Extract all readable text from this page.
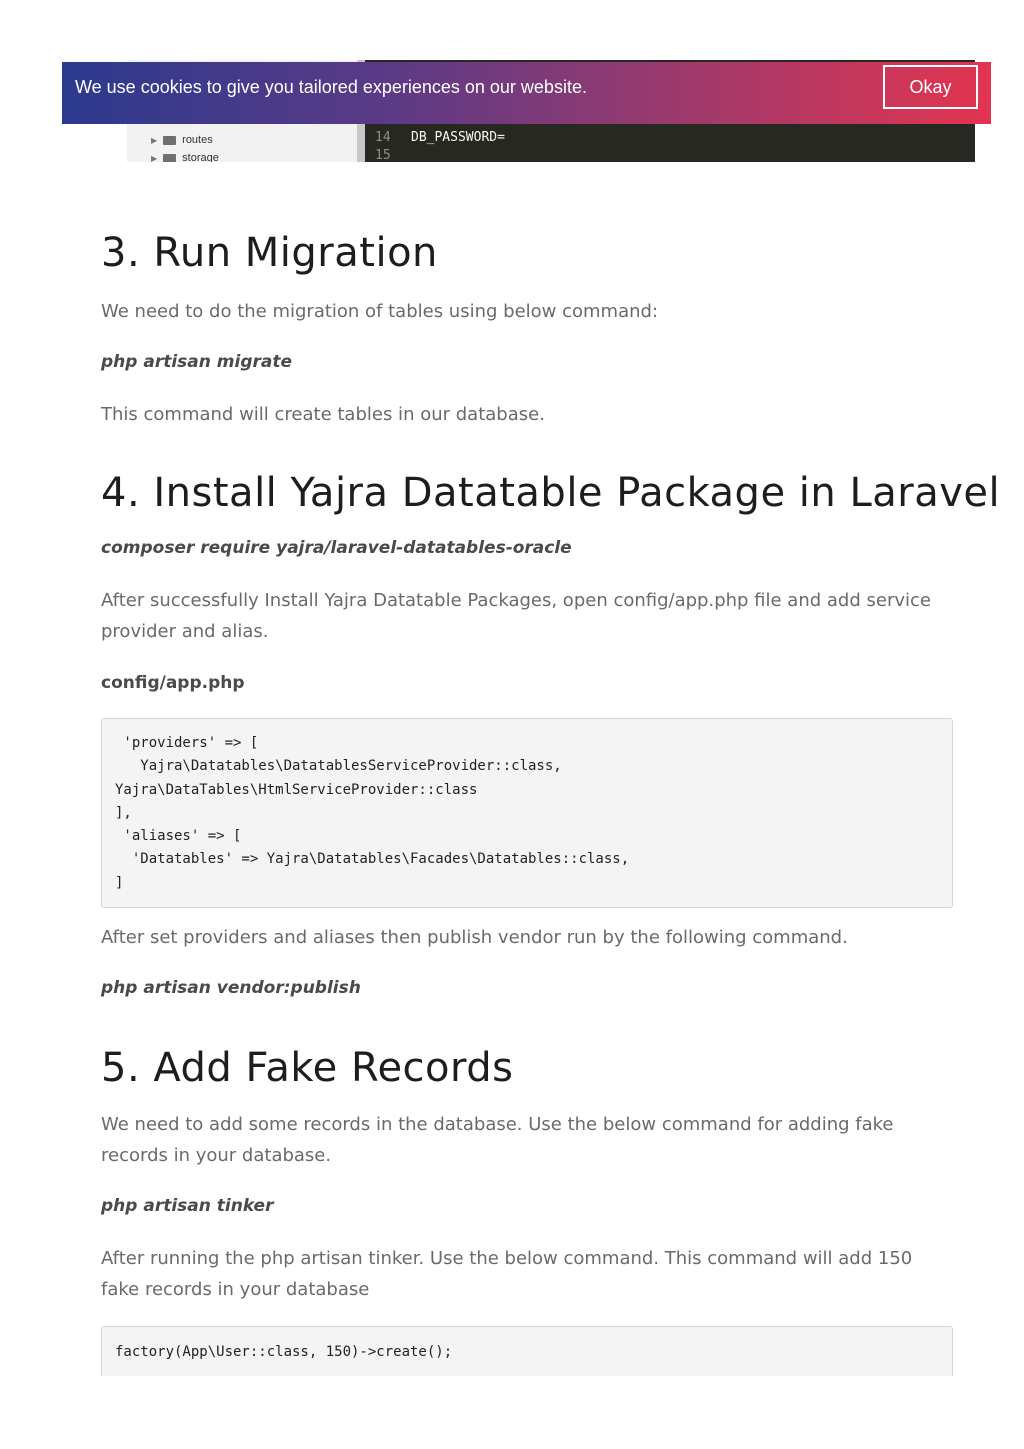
▶ routes
▶ storage
14 DB_PASSWORD=
15
We use cookies to give you tailored experiences on our website.	Okay
3. Run Migration

We need to do the migration of tables using below command:

php artisan migrate

This command will create tables in our database.

4. Install Yajra Datatable Package in Laravel

composer require yajra/laravel-datatables-oracle

After successfully Install Yajra Datatable Packages, open config/app.php file and add service provider and alias.

config/app.php

'providers' => [
Yajra\Datatables\DatatablesServiceProvider::class,
Yajra\DataTables\HtmlServiceProvider::class
],
'aliases' => [
'Datatables' => Yajra\Datatables\Facades\Datatables::class,
]

After set providers and aliases then publish vendor run by the following command.

php artisan vendor:publish

5. Add Fake Records

We need to add some records in the database. Use the below command for adding fake records in your database.

php artisan tinker

After running the php artisan tinker. Use the below command. This command will add 150 fake records in your database

factory(App\User::class, 150)->create();
